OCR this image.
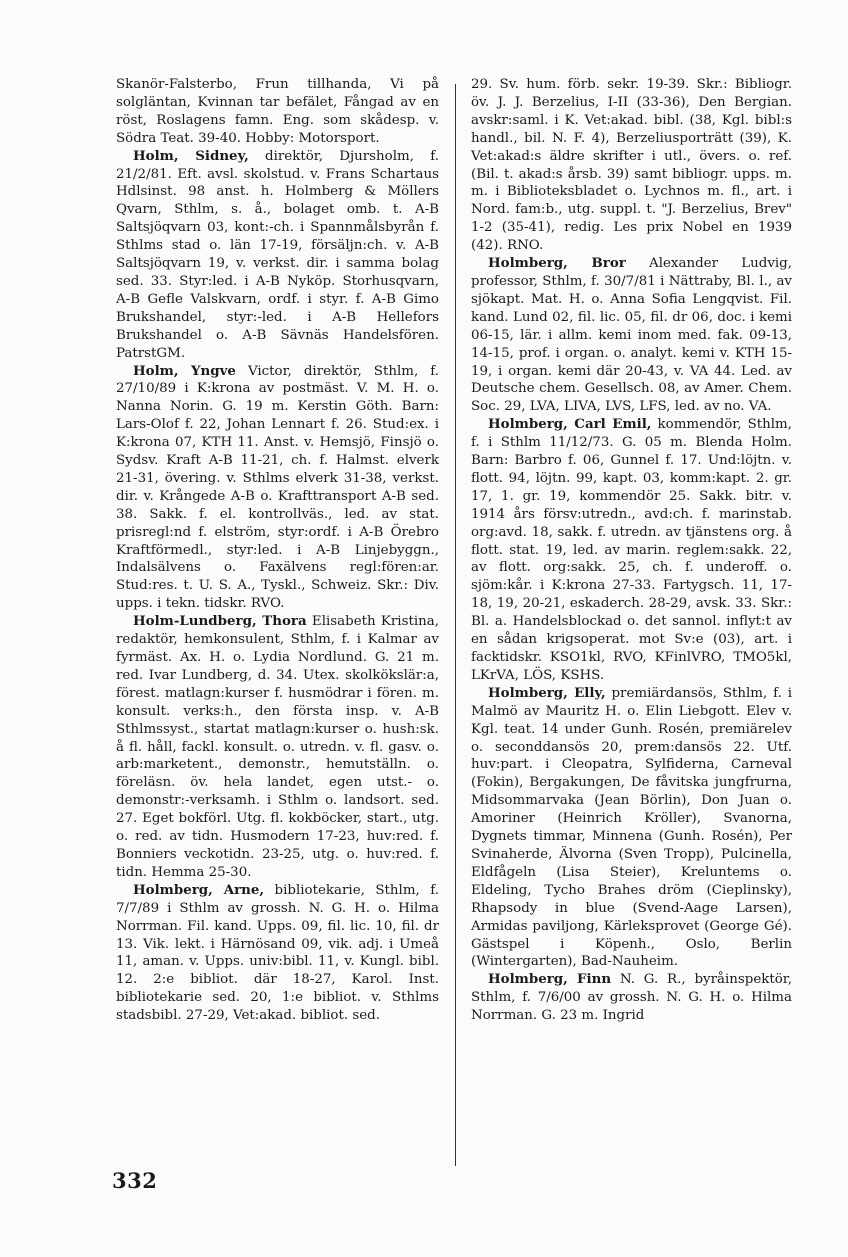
Skanör-Falsterbo, Frun tillhanda, Vi på solgläntan, Kvinnan tar befälet, Fångad av en röst, Roslagens famn. Eng. som skådesp. v. Södra Teat. 39-40. Hobby: Motorsport.

Holm, Sidney, direktör, Djursholm, f. 21/2/81. Eft. avsl. skolstud. v. Frans Schartaus Hdlsinst. 98 anst. h. Holmberg & Möllers Qvarn, Sthlm, s. å., bolaget omb. t. A-B Saltsjöqvarn 03, kont:-ch. i Spannmålsbyrån f. Sthlms stad o. län 17-19, försäljn:ch. v. A-B Saltsjöqvarn 19, v. verkst. dir. i samma bolag sed. 33. Styr:led. i A-B Nyköp. Storhusqvarn, A-B Gefle Valskvarn, ordf. i styr. f. A-B Gimo Brukshandel, styr:-led. i A-B Hellefors Brukshandel o. A-B Sävnäs Handelsfören. PatrstGM.

Holm, Yngve Victor, direktör, Sthlm, f. 27/10/89 i K:krona av postmäst. V. M. H. o. Nanna Norin. G. 19 m. Kerstin Göth. Barn: Lars-Olof f. 22, Johan Lennart f. 26. Stud:ex. i K:krona 07, KTH 11. Anst. v. Hemsjö, Finsjö o. Sydsv. Kraft A-B 11-21, ch. f. Halmst. elverk 21-31, övering. v. Sthlms elverk 31-38, verkst. dir. v. Krångede A-B o. Krafttransport A-B sed. 38. Sakk. f. el. kontrollväs., led. av stat. prisregl:nd f. elström, styr:ordf. i A-B Örebro Kraftförmedl., styr:led. i A-B Linjebyggn., Indalsälvens o. Faxälvens regl:fören:ar. Stud:res. t. U. S. A., Tyskl., Schweiz. Skr.: Div. upps. i tekn. tidskr. RVO.

Holm-Lundberg, Thora Elisabeth Kristina, redaktör, hemkonsulent, Sthlm, f. i Kalmar av fyrmäst. Ax. H. o. Lydia Nordlund. G. 21 m. red. Ivar Lundberg, d. 34. Utex. skolkökslär:a, förest. matlagn:kurser f. husmödrar i fören. m. konsult. verks:h., den första insp. v. A-B Sthlmssyst., startat matlagn:kurser o. hush:sk. å fl. håll, fackl. konsult. o. utredn. v. fl. gasv. o. arb:marketent., demonstr., hemutställn. o. föreläsn. öv. hela landet, egen utst.- o. demonstr:-verksamh. i Sthlm o. landsort. sed. 27. Eget bokförl. Utg. fl. kokböcker, start., utg. o. red. av tidn. Husmodern 17-23, huv:red. f. Bonniers veckotidn. 23-25, utg. o. huv:red. f. tidn. Hemma 25-30.

Holmberg, Arne, bibliotekarie, Sthlm, f. 7/7/89 i Sthlm av grossh. N. G. H. o. Hilma Norrman. Fil. kand. Upps. 09, fil. lic. 10, fil. dr 13. Vik. lekt. i Härnösand 09, vik. adj. i Umeå 11, aman. v. Upps. univ:bibl. 11, v. Kungl. bibl. 12. 2:e bibliot. där 18-27, Karol. Inst. bibliotekarie sed. 20, 1:e bibliot. v. Sthlms stadsbibl. 27-29, Vet:akad. bibliot. sed.

29. Sv. hum. förb. sekr. 19-39. Skr.: Bibliogr. öv. J. J. Berzelius, I-II (33-36), Den Bergian. avskr:saml. i K. Vet:akad. bibl. (38, Kgl. bibl:s handl., bil. N. F. 4), Berzeliusporträtt (39), K. Vet:akad:s äldre skrifter i utl., övers. o. ref. (Bil. t. akad:s årsb. 39) samt bibliogr. upps. m. m. i Biblioteksbladet o. Lychnos m. fl., art. i Nord. fam:b., utg. suppl. t. "J. Berzelius, Brev" 1-2 (35-41), redig. Les prix Nobel en 1939 (42). RNO.

Holmberg, Bror Alexander Ludvig, professor, Sthlm, f. 30/7/81 i Nättraby, Bl. l., av sjökapt. Mat. H. o. Anna Sofia Lengqvist. Fil. kand. Lund 02, fil. lic. 05, fil. dr 06, doc. i kemi 06-15, lär. i allm. kemi inom med. fak. 09-13, 14-15, prof. i organ. o. analyt. kemi v. KTH 15-19, i organ. kemi där 20-43, v. VA 44. Led. av Deutsche chem. Gesellsch. 08, av Amer. Chem. Soc. 29, LVA, LIVA, LVS, LFS, led. av no. VA.

Holmberg, Carl Emil, kommendör, Sthlm, f. i Sthlm 11/12/73. G. 05 m. Blenda Holm. Barn: Barbro f. 06, Gunnel f. 17. Und:löjtn. v. flott. 94, löjtn. 99, kapt. 03, komm:kapt. 2. gr. 17, 1. gr. 19, kommendör 25. Sakk. bitr. v. 1914 års försv:utredn., avd:ch. f. marinstab. org:avd. 18, sakk. f. utredn. av tjänstens org. å flott. stat. 19, led. av marin. reglem:sakk. 22, av flott. org:sakk. 25, ch. f. underoff. o. sjöm:kår. i K:krona 27-33. Fartygsch. 11, 17-18, 19, 20-21, eskaderch. 28-29, avsk. 33. Skr.: Bl. a. Handelsblockad o. det sannol. inflyt:t av en sådan krigsoperat. mot Sv:e (03), art. i facktidskr. KSO1kl, RVO, KFinlVRO, TMO5kl, LKrVA, LÖS, KSHS.

Holmberg, Elly, premiärdansös, Sthlm, f. i Malmö av Mauritz H. o. Elin Liebgott. Elev v. Kgl. teat. 14 under Gunh. Rosén, premiärelev o. seconddansös 20, prem:dansös 22. Utf. huv:part. i Cleopatra, Sylfiderna, Carneval (Fokin), Bergakungen, De fåvitska jungfrurna, Midsommarvaka (Jean Börlin), Don Juan o. Amoriner (Heinrich Kröller), Svanorna, Dygnets timmar, Minnena (Gunh. Rosén), Per Svinaherde, Älvorna (Sven Tropp), Pulcinella, Eldfågeln (Lisa Steier), Kreluntems o. Eldeling, Tycho Brahes dröm (Cieplinsky), Rhapsody in blue (Svend-Aage Larsen), Armidas paviljong, Kärleksprovet (George Gé). Gästspel i Köpenh., Oslo, Berlin (Wintergarten), Bad-Nauheim.

Holmberg, Finn N. G. R., byråinspektör, Sthlm, f. 7/6/00 av grossh. N. G. H. o. Hilma Norrman. G. 23 m. Ingrid

332
